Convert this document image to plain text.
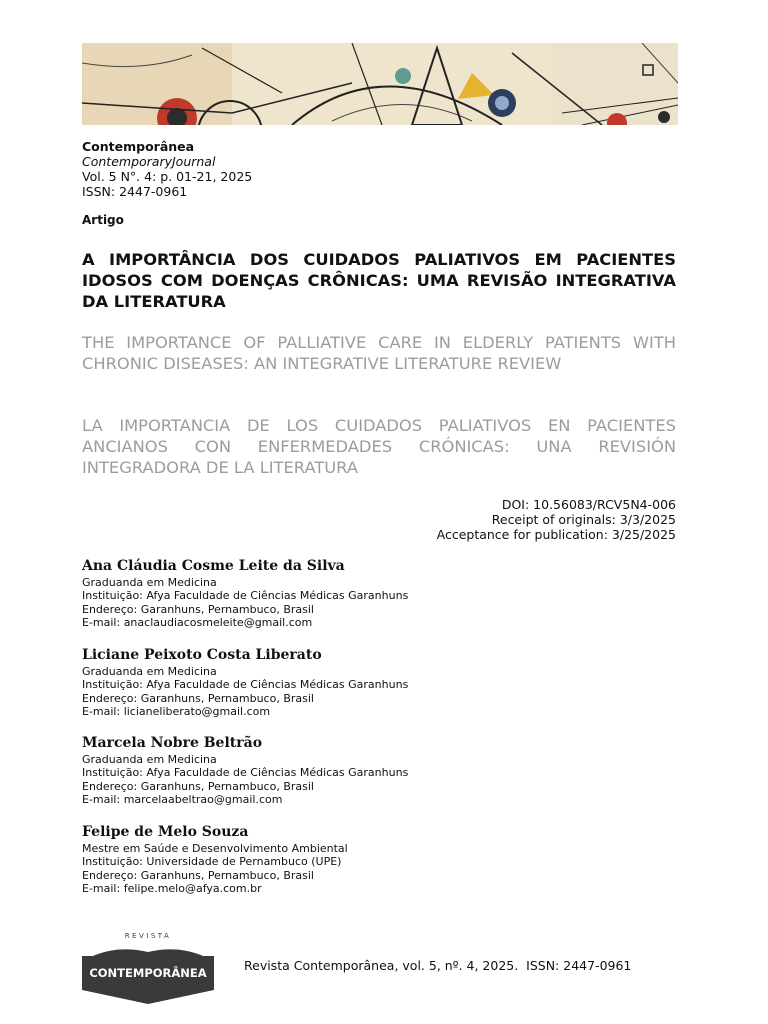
Contemporânea
ContemporaryJournal
Vol. 5 N°. 4: p. 01-21, 2025
ISSN: 2447-0961
Artigo

A IMPORTÂNCIA DOS CUIDADOS PALIATIVOS EM PACIENTES IDOSOS COM DOENÇAS CRÔNICAS: UMA REVISÃO INTEGRATIVA DA LITERATURA

THE IMPORTANCE OF PALLIATIVE CARE IN ELDERLY PATIENTS WITH CHRONIC DISEASES: AN INTEGRATIVE LITERATURE REVIEW

LA IMPORTANCIA DE LOS CUIDADOS PALIATIVOS EN PACIENTES ANCIANOS CON ENFERMEDADES CRÓNICAS: UNA REVISIÓN INTEGRADORA DE LA LITERATURA

DOI: 10.56083/RCV5N4-006
Receipt of originals: 3/3/2025
Acceptance for publication: 3/25/2025
Ana Cláudia Cosme Leite da Silva
Graduanda em Medicina
Instituição: Afya Faculdade de Ciências Médicas Garanhuns
Endereço: Garanhuns, Pernambuco, Brasil
E-mail: anaclaudiacosmeleite@gmail.com
Liciane Peixoto Costa Liberato
Graduanda em Medicina
Instituição: Afya Faculdade de Ciências Médicas Garanhuns
Endereço: Garanhuns, Pernambuco, Brasil
E-mail: licianeliberato@gmail.com
Marcela Nobre Beltrão
Graduanda em Medicina
Instituição: Afya Faculdade de Ciências Médicas Garanhuns
Endereço: Garanhuns, Pernambuco, Brasil
E-mail: marcelaabeltrao@gmail.com
Felipe de Melo Souza
Mestre em Saúde e Desenvolvimento Ambiental
Instituição: Universidade de Pernambuco (UPE)
Endereço: Garanhuns, Pernambuco, Brasil
E-mail: felipe.melo@afya.com.br
REVISTA
CONTEMPORÂNEA	Revista Contemporânea, vol. 5, nº. 4, 2025.  ISSN: 2447-0961
